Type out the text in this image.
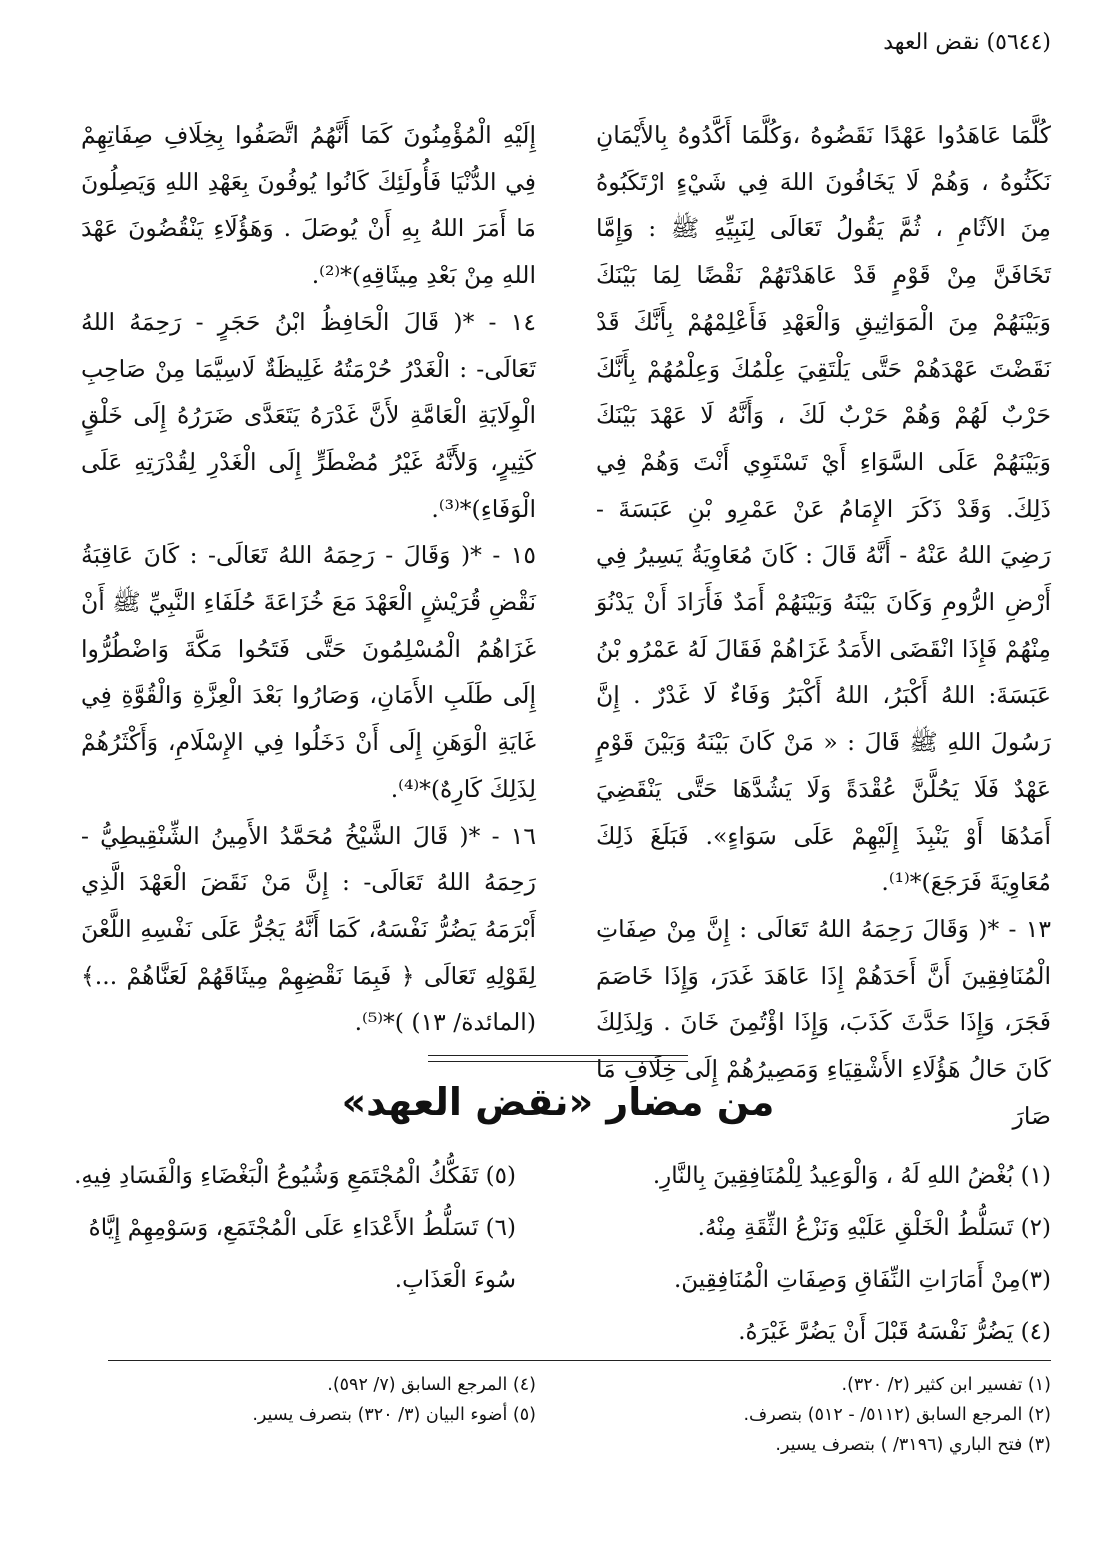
(٥٦٤٤) نقض العهد

كُلَّمَا عَاهَدُوا عَهْدًا نَقَضُوهُ ،وَكُلَّمَا أَكَّدُوهُ بِالأَيْمَانِ نَكَثُوهُ ، وَهُمْ لَا يَخَافُونَ اللهَ فِي شَيْءٍ ارْتَكَبُوهُ مِنَ الآثَامِ ، ثُمَّ يَقُولُ تَعَالَى لِنَبِيِّهِ ﷺ : وَإِمَّا تَخَافَنَّ مِنْ قَوْمٍ قَدْ عَاهَدْتَهُمْ نَقْضًا لِمَا بَيْنَكَ وَبَيْنَهُمْ مِنَ الْمَوَاثِيقِ وَالْعَهْدِ فَأَعْلِمْهُمْ بِأَنَّكَ قَدْ نَقَضْتَ عَهْدَهُمْ حَتَّى يَلْتَقِيَ عِلْمُكَ وَعِلْمُهُمْ بِأَنَّكَ حَرْبٌ لَهُمْ وَهُمْ حَرْبٌ لَكَ ، وَأَنَّهُ لَا عَهْدَ بَيْنَكَ وَبَيْنَهُمْ عَلَى السَّوَاءِ أَيْ تَسْتَوِي أَنْتَ وَهُمْ فِي ذَلِكَ. وَقَدْ ذَكَرَ الإِمَامُ عَنْ عَمْرِو بْنِ عَبَسَةَ - رَضِيَ اللهُ عَنْهُ - أَنَّهُ قَالَ : كَانَ مُعَاوِيَةُ يَسِيرُ فِي أَرْضِ الرُّومِ وَكَانَ بَيْنَهُ وَبَيْنَهُمْ أَمَدٌ فَأَرَادَ أَنْ يَدْنُوَ مِنْهُمْ فَإِذَا انْقَضَى الأَمَدُ غَزَاهُمْ فَقَالَ لَهُ عَمْرُو بْنُ عَبَسَةَ: اللهُ أَكْبَرُ، اللهُ أَكْبَرُ وَفَاءٌ لَا غَدْرٌ . إِنَّ رَسُولَ اللهِ ﷺ قَالَ : « مَنْ كَانَ بَيْنَهُ وَبَيْنَ قَوْمٍ عَهْدٌ فَلَا يَحُلَّنَّ عُقْدَةً وَلَا يَشُدَّهَا حَتَّى يَنْقَضِيَ أَمَدُهَا أَوْ يَنْبِذَ إِلَيْهِمْ عَلَى سَوَاءٍ». فَبَلَغَ ذَلِكَ مُعَاوِيَةَ فَرَجَعَ)*⁽¹⁾.

١٣ - *( وَقَالَ رَحِمَهُ اللهُ تَعَالَى : إِنَّ مِنْ صِفَاتِ الْمُنَافِقِينَ أَنَّ أَحَدَهُمْ إِذَا عَاهَدَ غَدَرَ، وَإِذَا خَاصَمَ فَجَرَ، وَإِذَا حَدَّثَ كَذَبَ، وَإِذَا اؤْتُمِنَ خَانَ . وَلِذَلِكَ كَانَ حَالُ هَؤُلَاءِ الأَشْقِيَاءِ وَمَصِيرُهُمْ إِلَى خِلَافِ مَا صَارَ

إِلَيْهِ الْمُؤْمِنُونَ كَمَا أَنَّهُمُ اتَّصَفُوا بِخِلَافِ صِفَاتِهِمْ فِي الدُّنْيَا فَأُولَئِكَ كَانُوا يُوفُونَ بِعَهْدِ اللهِ وَيَصِلُونَ مَا أَمَرَ اللهُ بِهِ أَنْ يُوصَلَ . وَهَؤُلَاءِ يَنْقُضُونَ عَهْدَ اللهِ مِنْ بَعْدِ مِيثَاقِهِ)*⁽²⁾.

١٤ - *( قَالَ الْحَافِظُ ابْنُ حَجَرٍ - رَحِمَهُ اللهُ تَعَالَى- : الْغَدْرُ حُرْمَتُهُ غَلِيظَةٌ لَاسِيَّمَا مِنْ صَاحِبِ الْوِلَايَةِ الْعَامَّةِ لأَنَّ غَدْرَهُ يَتَعَدَّى ضَرَرُهُ إِلَى خَلْقٍ كَثِيرٍ، وَلأَنَّهُ غَيْرُ مُضْطَرٍّ إِلَى الْغَدْرِ لِقُدْرَتِهِ عَلَى الْوَفَاءِ)*⁽³⁾.

١٥ - *( وَقَالَ - رَحِمَهُ اللهُ تَعَالَى- : كَانَ عَاقِبَةُ نَقْضِ قُرَيْشٍ الْعَهْدَ مَعَ خُزَاعَةَ حُلَفَاءِ النَّبِيِّ ﷺ أَنْ غَزَاهُمُ الْمُسْلِمُونَ حَتَّى فَتَحُوا مَكَّةَ وَاضْطُرُّوا إِلَى طَلَبِ الأَمَانِ، وَصَارُوا بَعْدَ الْعِزَّةِ وَالْقُوَّةِ فِي غَايَةِ الْوَهَنِ إِلَى أَنْ دَخَلُوا فِي الإِسْلَامِ، وَأَكْثَرُهُمْ لِذَلِكَ كَارِهٌ)*⁽⁴⁾.

١٦ - *( قَالَ الشَّيْخُ مُحَمَّدُ الأَمِينُ الشِّنْقِيطِيُّ - رَحِمَهُ اللهُ تَعَالَى- : إِنَّ مَنْ نَقَضَ الْعَهْدَ الَّذِي أَبْرَمَهُ يَضُرُّ نَفْسَهُ، كَمَا أَنَّهُ يَجُرُّ عَلَى نَفْسِهِ اللَّعْنَ لِقَوْلِهِ تَعَالَى ﴿ فَبِمَا نَقْضِهِمْ مِيثَاقَهُمْ لَعَنَّاهُمْ ...﴾ (المائدة/ ١٣) )*⁽⁵⁾.

من مضار «نقض العهد»
(١) بُغْضُ اللهِ لَهُ ، وَالْوَعِيدُ لِلْمُنَافِقِينَ بِالنَّارِ.
(٢) تَسَلُّطُ الْخَلْقِ عَلَيْهِ وَنَزْعُ الثِّقَةِ مِنْهُ.
(٣)مِنْ أَمَارَاتِ النِّفَاقِ وَصِفَاتِ الْمُنَافِقِينَ.
(٤) يَضُرُّ نَفْسَهُ قَبْلَ أَنْ يَضُرَّ غَيْرَهُ.
(٥) تَفَكُّكُ الْمُجْتَمَعِ وَشُيُوعُ الْبَغْضَاءِ وَالْفَسَادِ فِيهِ.
(٦) تَسَلُّطُ الأَعْدَاءِ عَلَى الْمُجْتَمَعِ، وَسَوْمِهِمْ إِيَّاهُ سُوءَ الْعَذَابِ.
(١) تفسير ابن كثير (٢/ ٣٢٠).
(٢) المرجع السابق (٥١١٢/ - ٥١٢) بتصرف.
(٣) فتح الباري (٣١٩٦/ ) بتصرف يسير.
(٤) المرجع السابق (٧/ ٥٩٢).
(٥) أضوء البيان (٣/ ٣٢٠) بتصرف يسير.
